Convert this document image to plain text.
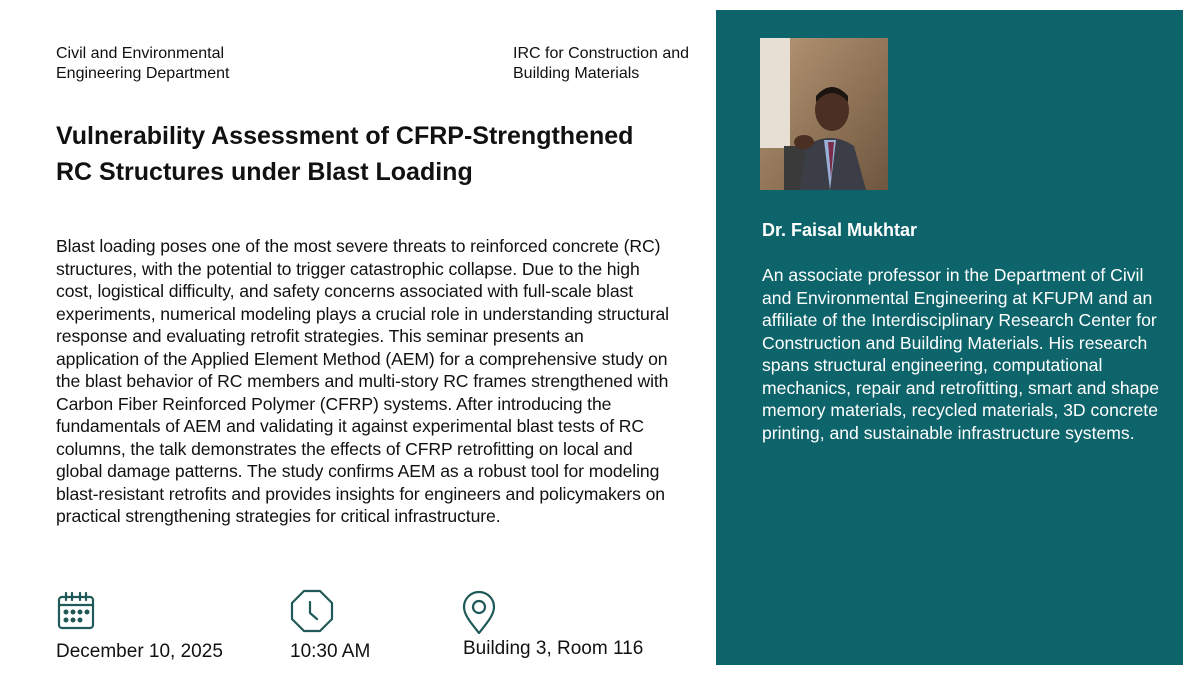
Civil and Environmental
Engineering Department
IRC for Construction and
Building Materials
Vulnerability Assessment of CFRP-Strengthened RC Structures under Blast Loading

Blast loading poses one of the most severe threats to reinforced concrete (RC) structures, with the potential to trigger catastrophic collapse. Due to the high cost, logistical difficulty, and safety concerns associated with full-scale blast experiments, numerical modeling plays a crucial role in understanding structural response and evaluating retrofit strategies. This seminar presents an application of the Applied Element Method (AEM) for a comprehensive study on the blast behavior of RC members and multi-story RC frames strengthened with Carbon Fiber Reinforced Polymer (CFRP) systems. After introducing the fundamentals of AEM and validating it against experimental blast tests of RC columns, the talk demonstrates the effects of CFRP retrofitting on local and global damage patterns. The study confirms AEM as a robust tool for modeling blast-resistant retrofits and provides insights for engineers and policymakers on practical strengthening strategies for critical infrastructure.

December 10, 2025	10:30 AM	Building 3, Room 116
Dr. Faisal Mukhtar

An associate professor in the Department of Civil and Environmental Engineering at KFUPM and an affiliate of the Interdisciplinary Research Center for Construction and Building Materials. His research spans structural engineering, computational mechanics, repair and retrofitting, smart and shape memory materials, recycled materials, 3D concrete printing, and sustainable infrastructure systems.
